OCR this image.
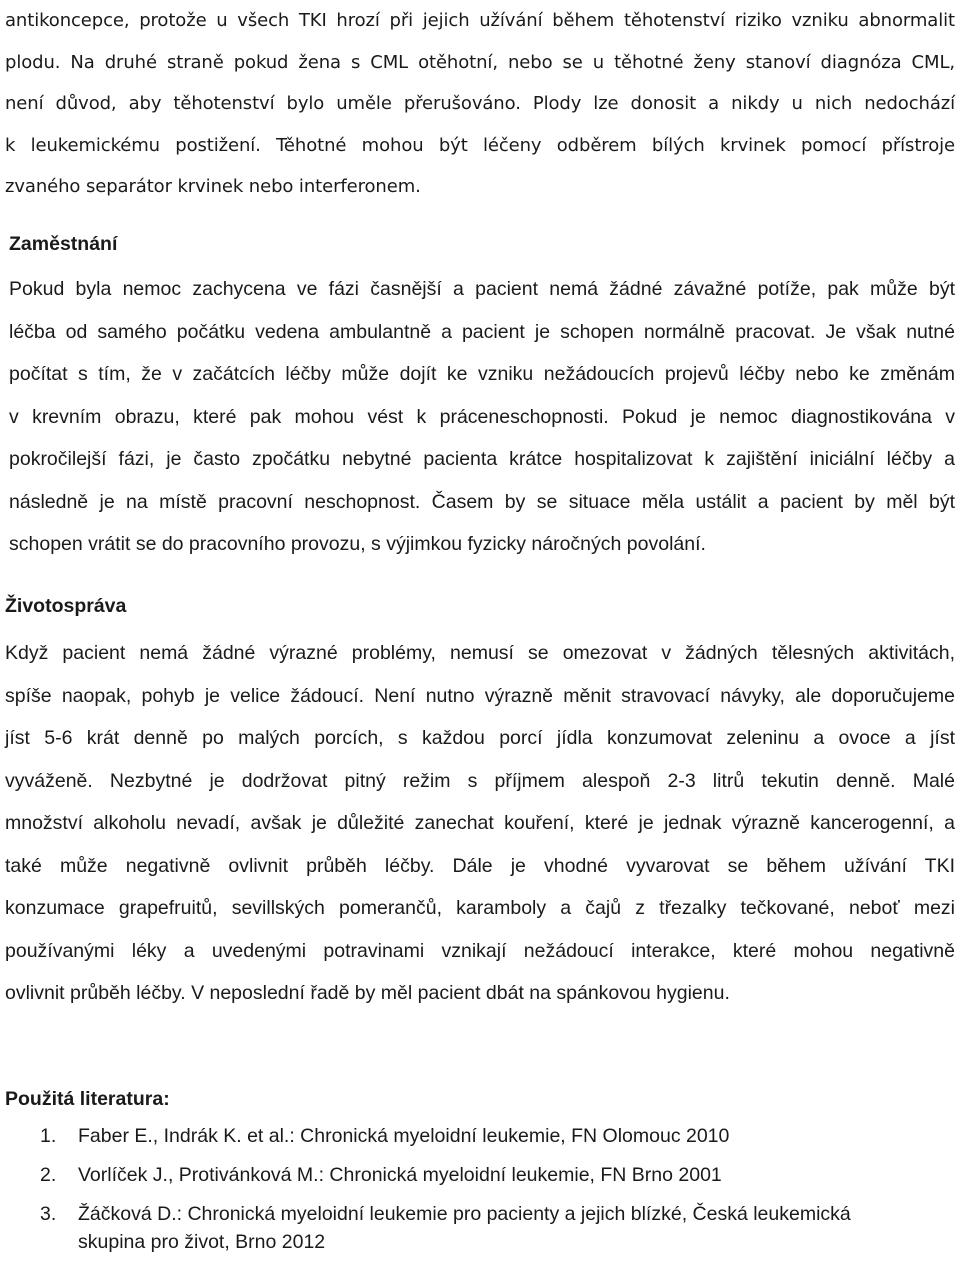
antikoncepce, protože u všech TKI hrozí při jejich užívání během těhotenství riziko vzniku abnormalit
plodu. Na druhé straně pokud žena s CML otěhotní, nebo se u těhotné ženy stanoví diagnóza CML,
není důvod, aby těhotenství bylo uměle přerušováno. Plody lze donosit a nikdy u nich nedochází
k leukemickému postižení. Těhotné mohou být léčeny odběrem bílých krvinek pomocí přístroje
zvaného separátor krvinek nebo interferonem.

Zaměstnání

Pokud byla nemoc zachycena ve fázi časnější a pacient nemá žádné závažné potíže, pak může být
léčba od samého počátku vedena ambulantně a pacient je schopen normálně pracovat. Je však nutné
počítat s tím, že v začátcích léčby může dojít ke vzniku nežádoucích projevů léčby nebo ke změnám
v krevním obrazu, které pak mohou vést k práceneschopnosti. Pokud je nemoc diagnostikována v
pokročilejší fázi, je často zpočátku nebytné pacienta krátce hospitalizovat k zajištění iniciální léčby a
následně je na místě pracovní neschopnost. Časem by se situace měla ustálit a pacient by měl být
schopen vrátit se do pracovního provozu, s výjimkou fyzicky náročných povolání.

Životospráva

Když pacient nemá žádné výrazné problémy, nemusí se omezovat v žádných tělesných aktivitách,
spíše naopak, pohyb je velice žádoucí. Není nutno výrazně měnit stravovací návyky, ale doporučujeme
jíst 5-6 krát denně po malých porcích, s každou porcí jídla konzumovat zeleninu a ovoce a jíst
vyváženě. Nezbytné je dodržovat pitný režim s příjmem alespoň 2-3 litrů tekutin denně. Malé
množství alkoholu nevadí, avšak je důležité zanechat kouření, které je jednak výrazně kancerogenní, a
také může negativně ovlivnit průběh léčby. Dále je vhodné vyvarovat se během užívání TKI
konzumace grapefruitů, sevillských pomerančů, karamboly a čajů z třezalky tečkované, neboť mezi
používanými léky a uvedenými potravinami vznikají nežádoucí interakce, které mohou negativně
ovlivnit průběh léčby. V neposlední řadě by měl pacient dbát na spánkovou hygienu.

Použitá literatura:
1. Faber E., Indrák K. et al.: Chronická myeloidní leukemie, FN Olomouc 2010
2. Vorlíček J., Protivánková M.: Chronická myeloidní leukemie, FN Brno 2001
3. Žáčková D.: Chronická myeloidní leukemie pro pacienty a jejich blízké, Česká leukemická
skupina pro život, Brno 2012
